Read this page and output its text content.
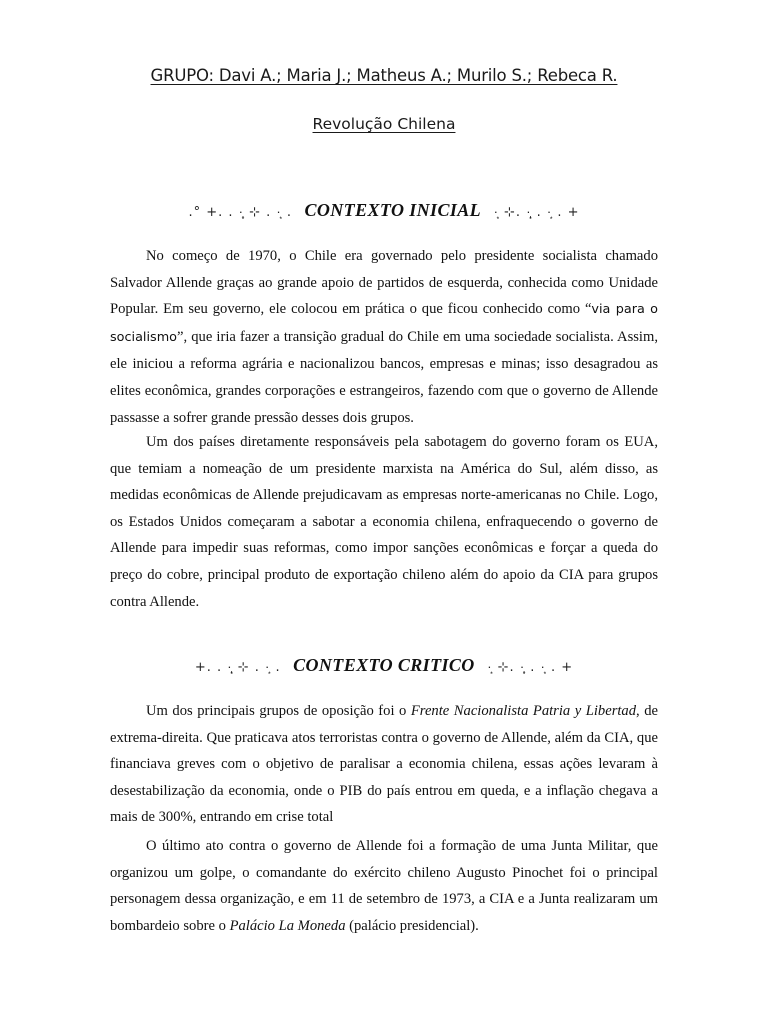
GRUPO: Davi A.; Maria J.; Matheus A.; Murilo S.; Rebeca R.
Revolução Chilena
.° +. . ·̩̩͙ ⊹ . ·͙ . CONTEXTO INICIAL ·͙ ⊹. ·̩̩͙ . ·͙ . +

No começo de 1970, o Chile era governado pelo presidente socialista chamado Salvador Allende graças ao grande apoio de partidos de esquerda, conhecida como Unidade Popular. Em seu governo, ele colocou em prática o que ficou conhecido como “via para o socialismo”, que iria fazer a transição gradual do Chile em uma sociedade socialista. Assim, ele iniciou a reforma agrária e nacionalizou bancos, empresas e minas; isso desagradou as elites econômica, grandes corporações e estrangeiros, fazendo com que o governo de Allende passasse a sofrer grande pressão desses dois grupos.

Um dos países diretamente responsáveis pela sabotagem do governo foram os EUA, que temiam a nomeação de um presidente marxista na América do Sul, além disso, as medidas econômicas de Allende prejudicavam as empresas norte-americanas no Chile. Logo, os Estados Unidos começaram a sabotar a economia chilena, enfraquecendo o governo de Allende para impedir suas reformas, como impor sanções econômicas e forçar a queda do preço do cobre, principal produto de exportação chileno além do apoio da CIA para grupos contra Allende.

+. . ·̩̩͙ ⊹ . ·͙ . CONTEXTO CRITICO ·͙ ⊹. ·̩̩͙ . ·͙ . +

Um dos principais grupos de oposição foi o Frente Nacionalista Patria y Libertad, de extrema-direita. Que praticava atos terroristas contra o governo de Allende, além da CIA, que financiava greves com o objetivo de paralisar a economia chilena, essas ações levaram à desestabilização da economia, onde o PIB do país entrou em queda, e a inflação chegava a mais de 300%, entrando em crise total

O último ato contra o governo de Allende foi a formação de uma Junta Militar, que organizou um golpe, o comandante do exército chileno Augusto Pinochet foi o principal personagem dessa organização, e em 11 de setembro de 1973, a CIA e a Junta realizaram um bombardeio sobre o Palácio La Moneda (palácio presidencial).
